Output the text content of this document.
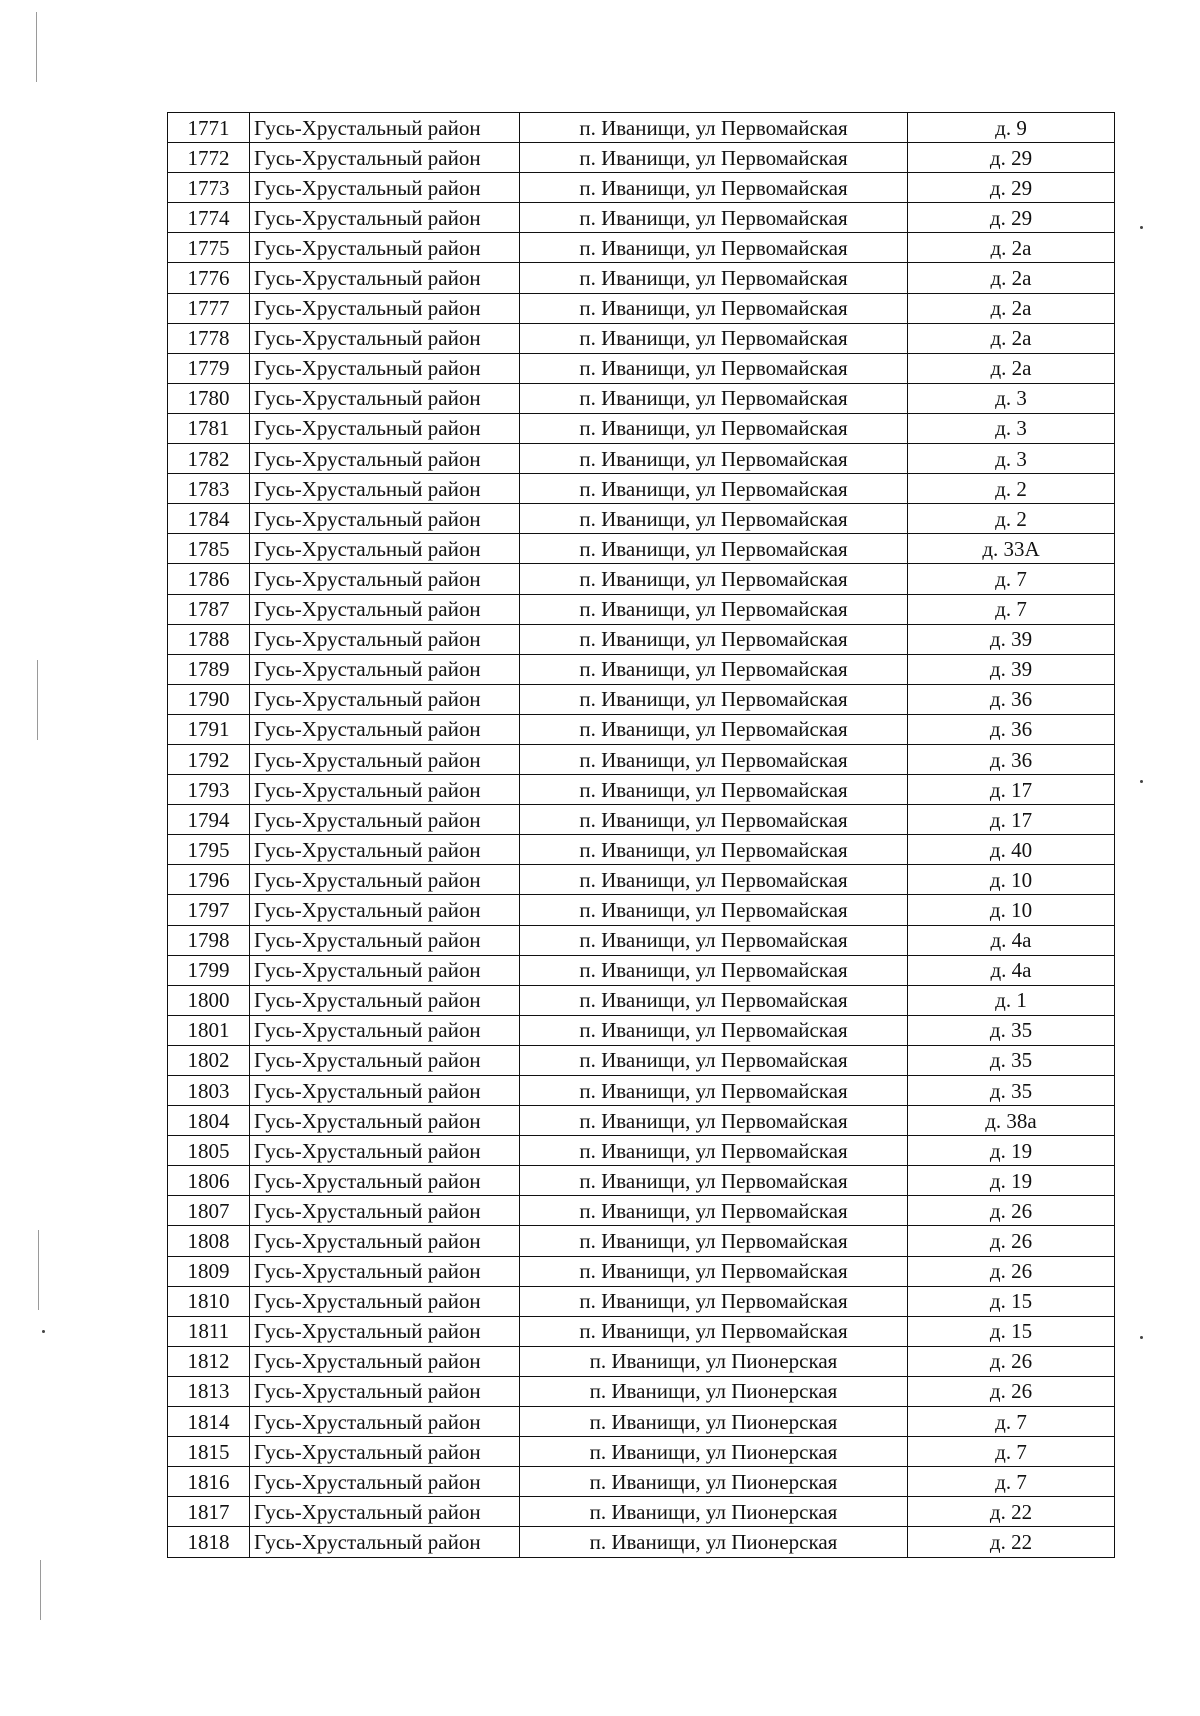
1771	Гусь-Хрустальный район	п. Иванищи, ул Первомайская	д. 9
1772	Гусь-Хрустальный район	п. Иванищи, ул Первомайская	д. 29
1773	Гусь-Хрустальный район	п. Иванищи, ул Первомайская	д. 29
1774	Гусь-Хрустальный район	п. Иванищи, ул Первомайская	д. 29
1775	Гусь-Хрустальный район	п. Иванищи, ул Первомайская	д. 2а
1776	Гусь-Хрустальный район	п. Иванищи, ул Первомайская	д. 2а
1777	Гусь-Хрустальный район	п. Иванищи, ул Первомайская	д. 2а
1778	Гусь-Хрустальный район	п. Иванищи, ул Первомайская	д. 2а
1779	Гусь-Хрустальный район	п. Иванищи, ул Первомайская	д. 2а
1780	Гусь-Хрустальный район	п. Иванищи, ул Первомайская	д. 3
1781	Гусь-Хрустальный район	п. Иванищи, ул Первомайская	д. 3
1782	Гусь-Хрустальный район	п. Иванищи, ул Первомайская	д. 3
1783	Гусь-Хрустальный район	п. Иванищи, ул Первомайская	д. 2
1784	Гусь-Хрустальный район	п. Иванищи, ул Первомайская	д. 2
1785	Гусь-Хрустальный район	п. Иванищи, ул Первомайская	д. 33А
1786	Гусь-Хрустальный район	п. Иванищи, ул Первомайская	д. 7
1787	Гусь-Хрустальный район	п. Иванищи, ул Первомайская	д. 7
1788	Гусь-Хрустальный район	п. Иванищи, ул Первомайская	д. 39
1789	Гусь-Хрустальный район	п. Иванищи, ул Первомайская	д. 39
1790	Гусь-Хрустальный район	п. Иванищи, ул Первомайская	д. 36
1791	Гусь-Хрустальный район	п. Иванищи, ул Первомайская	д. 36
1792	Гусь-Хрустальный район	п. Иванищи, ул Первомайская	д. 36
1793	Гусь-Хрустальный район	п. Иванищи, ул Первомайская	д. 17
1794	Гусь-Хрустальный район	п. Иванищи, ул Первомайская	д. 17
1795	Гусь-Хрустальный район	п. Иванищи, ул Первомайская	д. 40
1796	Гусь-Хрустальный район	п. Иванищи, ул Первомайская	д. 10
1797	Гусь-Хрустальный район	п. Иванищи, ул Первомайская	д. 10
1798	Гусь-Хрустальный район	п. Иванищи, ул Первомайская	д. 4а
1799	Гусь-Хрустальный район	п. Иванищи, ул Первомайская	д. 4а
1800	Гусь-Хрустальный район	п. Иванищи, ул Первомайская	д. 1
1801	Гусь-Хрустальный район	п. Иванищи, ул Первомайская	д. 35
1802	Гусь-Хрустальный район	п. Иванищи, ул Первомайская	д. 35
1803	Гусь-Хрустальный район	п. Иванищи, ул Первомайская	д. 35
1804	Гусь-Хрустальный район	п. Иванищи, ул Первомайская	д. 38а
1805	Гусь-Хрустальный район	п. Иванищи, ул Первомайская	д. 19
1806	Гусь-Хрустальный район	п. Иванищи, ул Первомайская	д. 19
1807	Гусь-Хрустальный район	п. Иванищи, ул Первомайская	д. 26
1808	Гусь-Хрустальный район	п. Иванищи, ул Первомайская	д. 26
1809	Гусь-Хрустальный район	п. Иванищи, ул Первомайская	д. 26
1810	Гусь-Хрустальный район	п. Иванищи, ул Первомайская	д. 15
1811	Гусь-Хрустальный район	п. Иванищи, ул Первомайская	д. 15
1812	Гусь-Хрустальный район	п. Иванищи, ул Пионерская	д. 26
1813	Гусь-Хрустальный район	п. Иванищи, ул Пионерская	д. 26
1814	Гусь-Хрустальный район	п. Иванищи, ул Пионерская	д. 7
1815	Гусь-Хрустальный район	п. Иванищи, ул Пионерская	д. 7
1816	Гусь-Хрустальный район	п. Иванищи, ул Пионерская	д. 7
1817	Гусь-Хрустальный район	п. Иванищи, ул Пионерская	д. 22
1818	Гусь-Хрустальный район	п. Иванищи, ул Пионерская	д. 22
